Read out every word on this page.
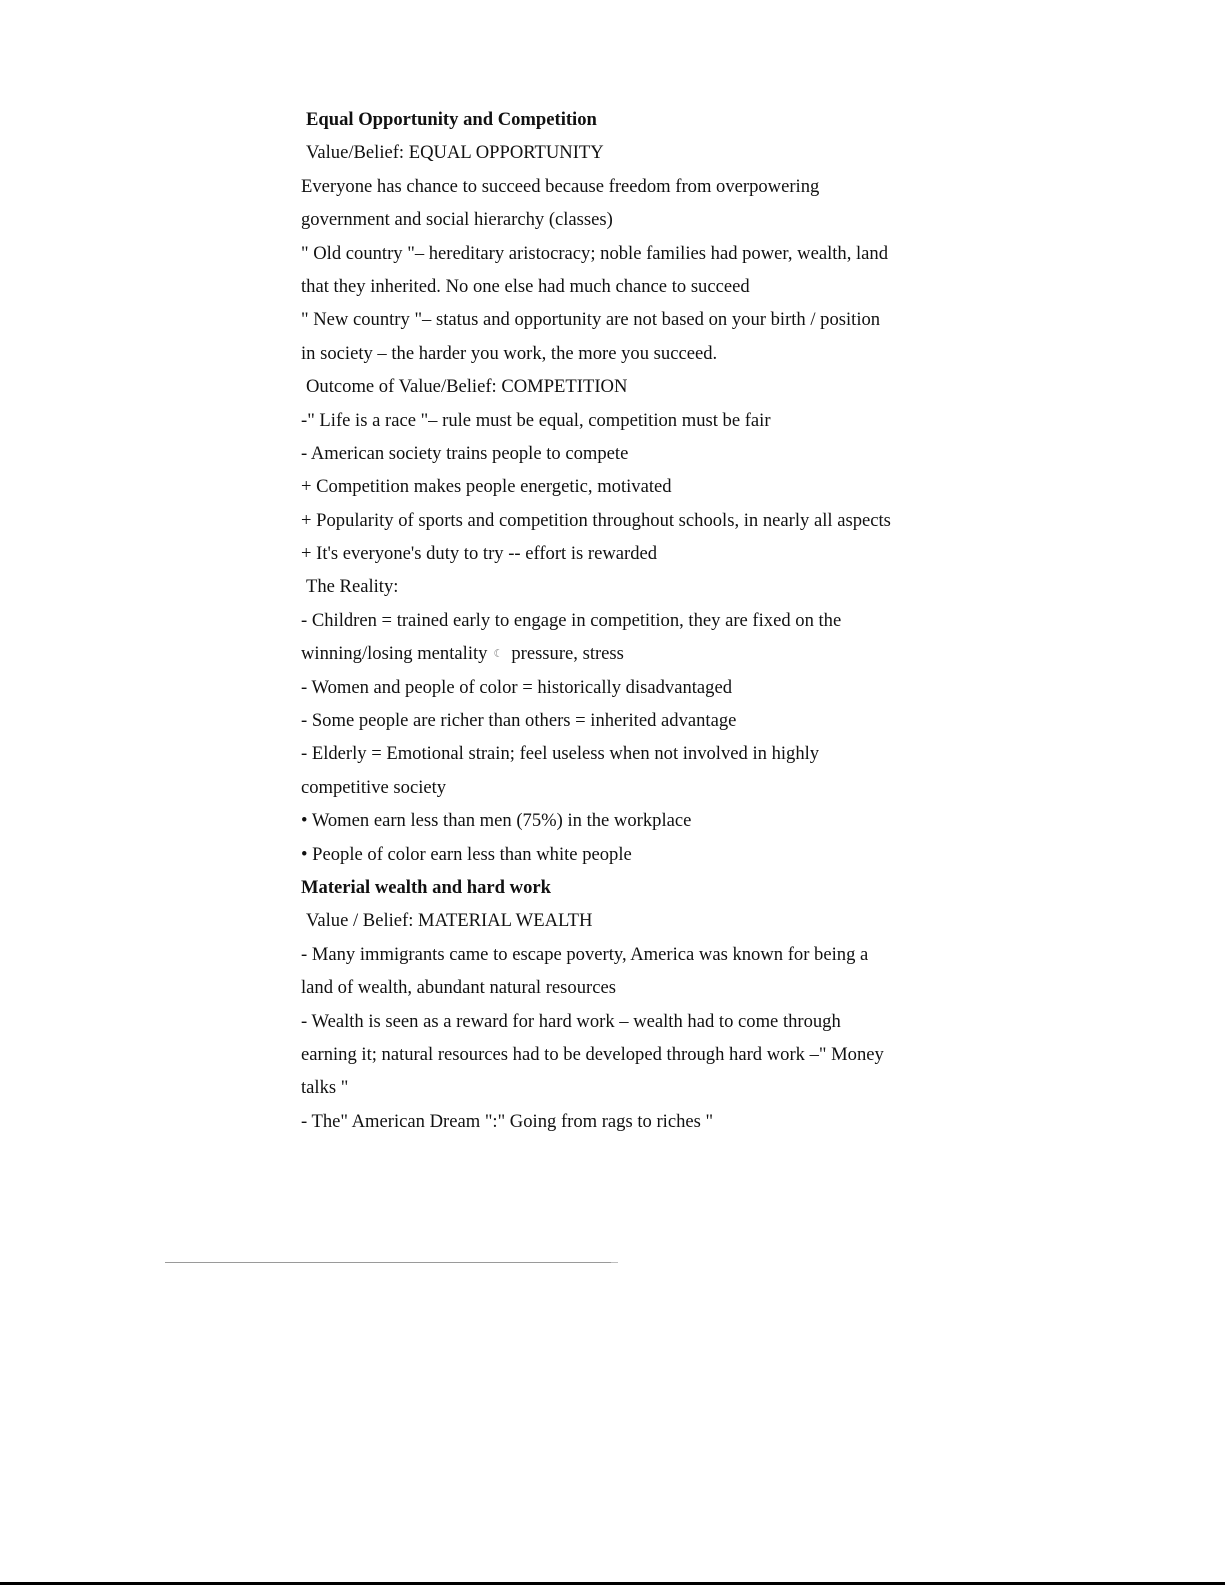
Equal Opportunity and Competition
Value/Belief: EQUAL OPPORTUNITY
Everyone has chance to succeed because freedom from overpowering
government and social hierarchy (classes)
" Old country "– hereditary aristocracy; noble families had power, wealth, land
that they inherited. No one else had much chance to succeed
" New country "– status and opportunity are not based on your birth / position
in society – the harder you work, the more you succeed.
Outcome of Value/Belief: COMPETITION
-" Life is a race "– rule must be equal, competition must be fair
- American society trains people to compete
+ Competition makes people energetic, motivated
+ Popularity of sports and competition throughout schools, in nearly all aspects
+ It's everyone's duty to try -- effort is rewarded
The Reality:
- Children = trained early to engage in competition, they are fixed on the
winning/losing mentality ☾ pressure, stress
- Women and people of color = historically disadvantaged
- Some people are richer than others = inherited advantage
- Elderly = Emotional strain; feel useless when not involved in highly
competitive society
• Women earn less than men (75%) in the workplace
• People of color earn less than white people
Material wealth and hard work
Value / Belief: MATERIAL WEALTH
- Many immigrants came to escape poverty, America was known for being a
land of wealth, abundant natural resources
- Wealth is seen as a reward for hard work – wealth had to come through
earning it; natural resources had to be developed through hard work –" Money
talks "
- The" American Dream ":" Going from rags to riches "
